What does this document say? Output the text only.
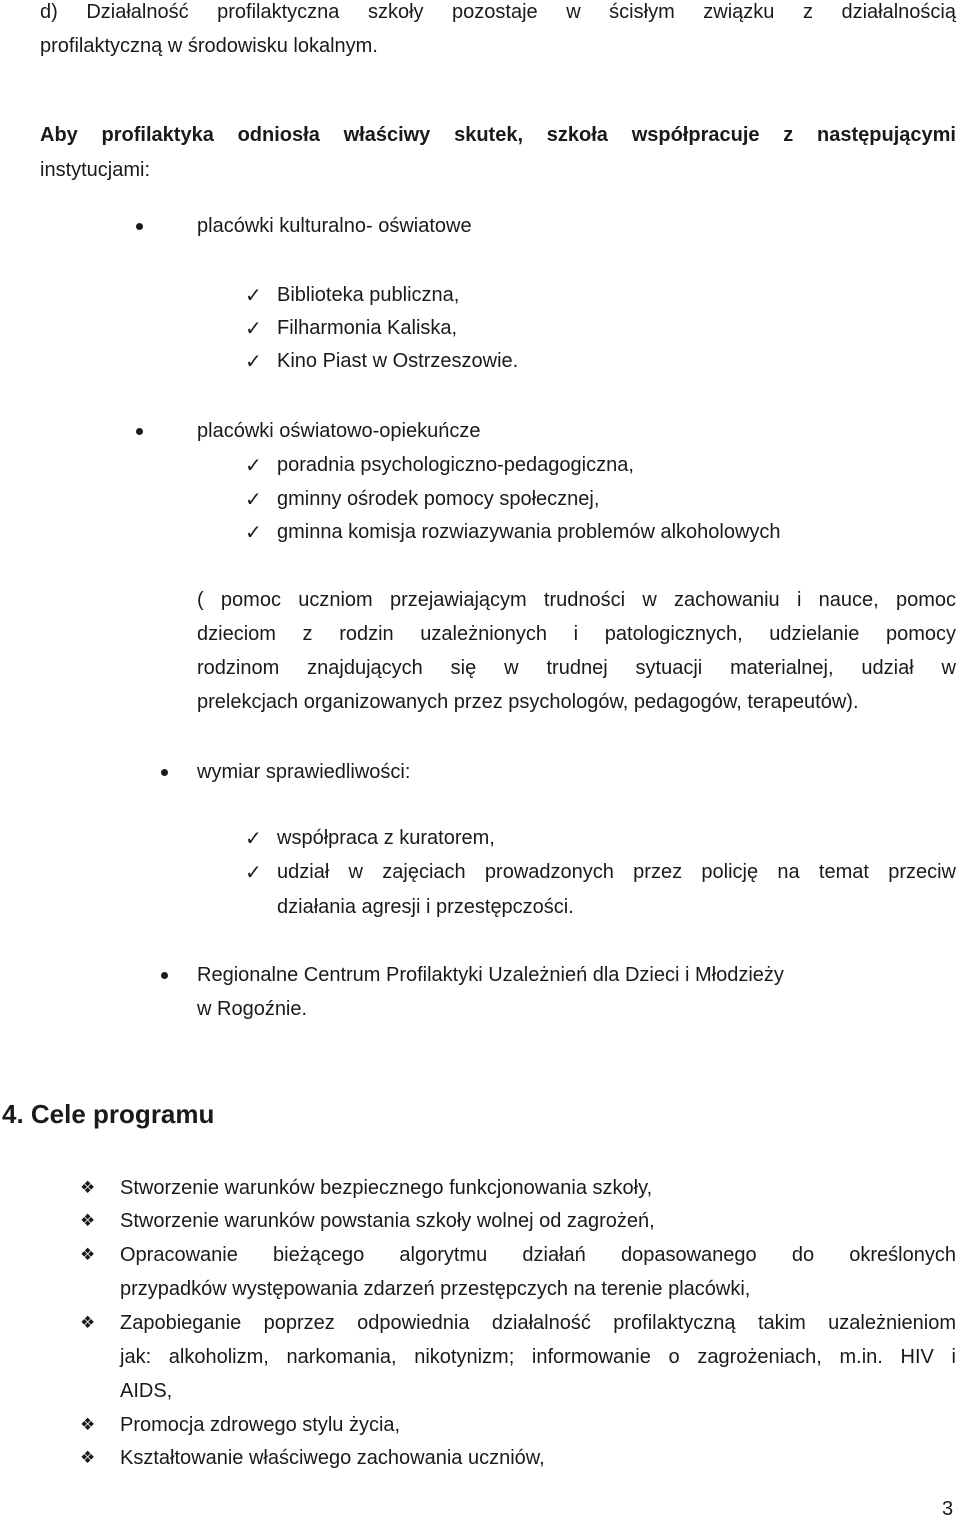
d) Działalność profilaktyczna szkoły pozostaje w ścisłym związku z działalnością
profilaktyczną w środowisku lokalnym.
Aby profilaktyka odniosła właściwy skutek, szkoła współpracuje z następującymi
instytucjami:
placówki kulturalno- oświatowe
✓ Biblioteka publiczna,
✓ Filharmonia Kaliska,
✓ Kino Piast w Ostrzeszowie.
placówki oświatowo-opiekuńcze
✓ poradnia psychologiczno-pedagogiczna,
✓ gminny ośrodek pomocy społecznej,
✓ gminna komisja rozwiazywania problemów alkoholowych
( pomoc uczniom przejawiającym trudności w zachowaniu i nauce, pomoc
dzieciom z rodzin uzależnionych i patologicznych, udzielanie pomocy
rodzinom znajdujących się w trudnej sytuacji materialnej, udział w
prelekcjach organizowanych przez psychologów, pedagogów, terapeutów).
wymiar sprawiedliwości:
✓ współpraca z kuratorem,
✓ udział w zajęciach prowadzonych przez policję na temat przeciw
działania agresji i przestępczości.
Regionalne Centrum Profilaktyki Uzależnień dla Dzieci i Młodzieży
w Rogoźnie.
4. Cele programu
❖ Stworzenie warunków bezpiecznego funkcjonowania szkoły,
❖ Stworzenie warunków powstania szkoły wolnej od zagrożeń,
❖ Opracowanie bieżącego algorytmu działań dopasowanego do określonych
przypadków występowania zdarzeń przestępczych na terenie placówki,
❖ Zapobieganie poprzez odpowiednia działalność profilaktyczną takim uzależnieniom
jak: alkoholizm, narkomania, nikotynizm; informowanie o zagrożeniach, m.in. HIV i
AIDS,
❖ Promocja zdrowego stylu życia,
❖ Kształtowanie właściwego zachowania uczniów,
3
